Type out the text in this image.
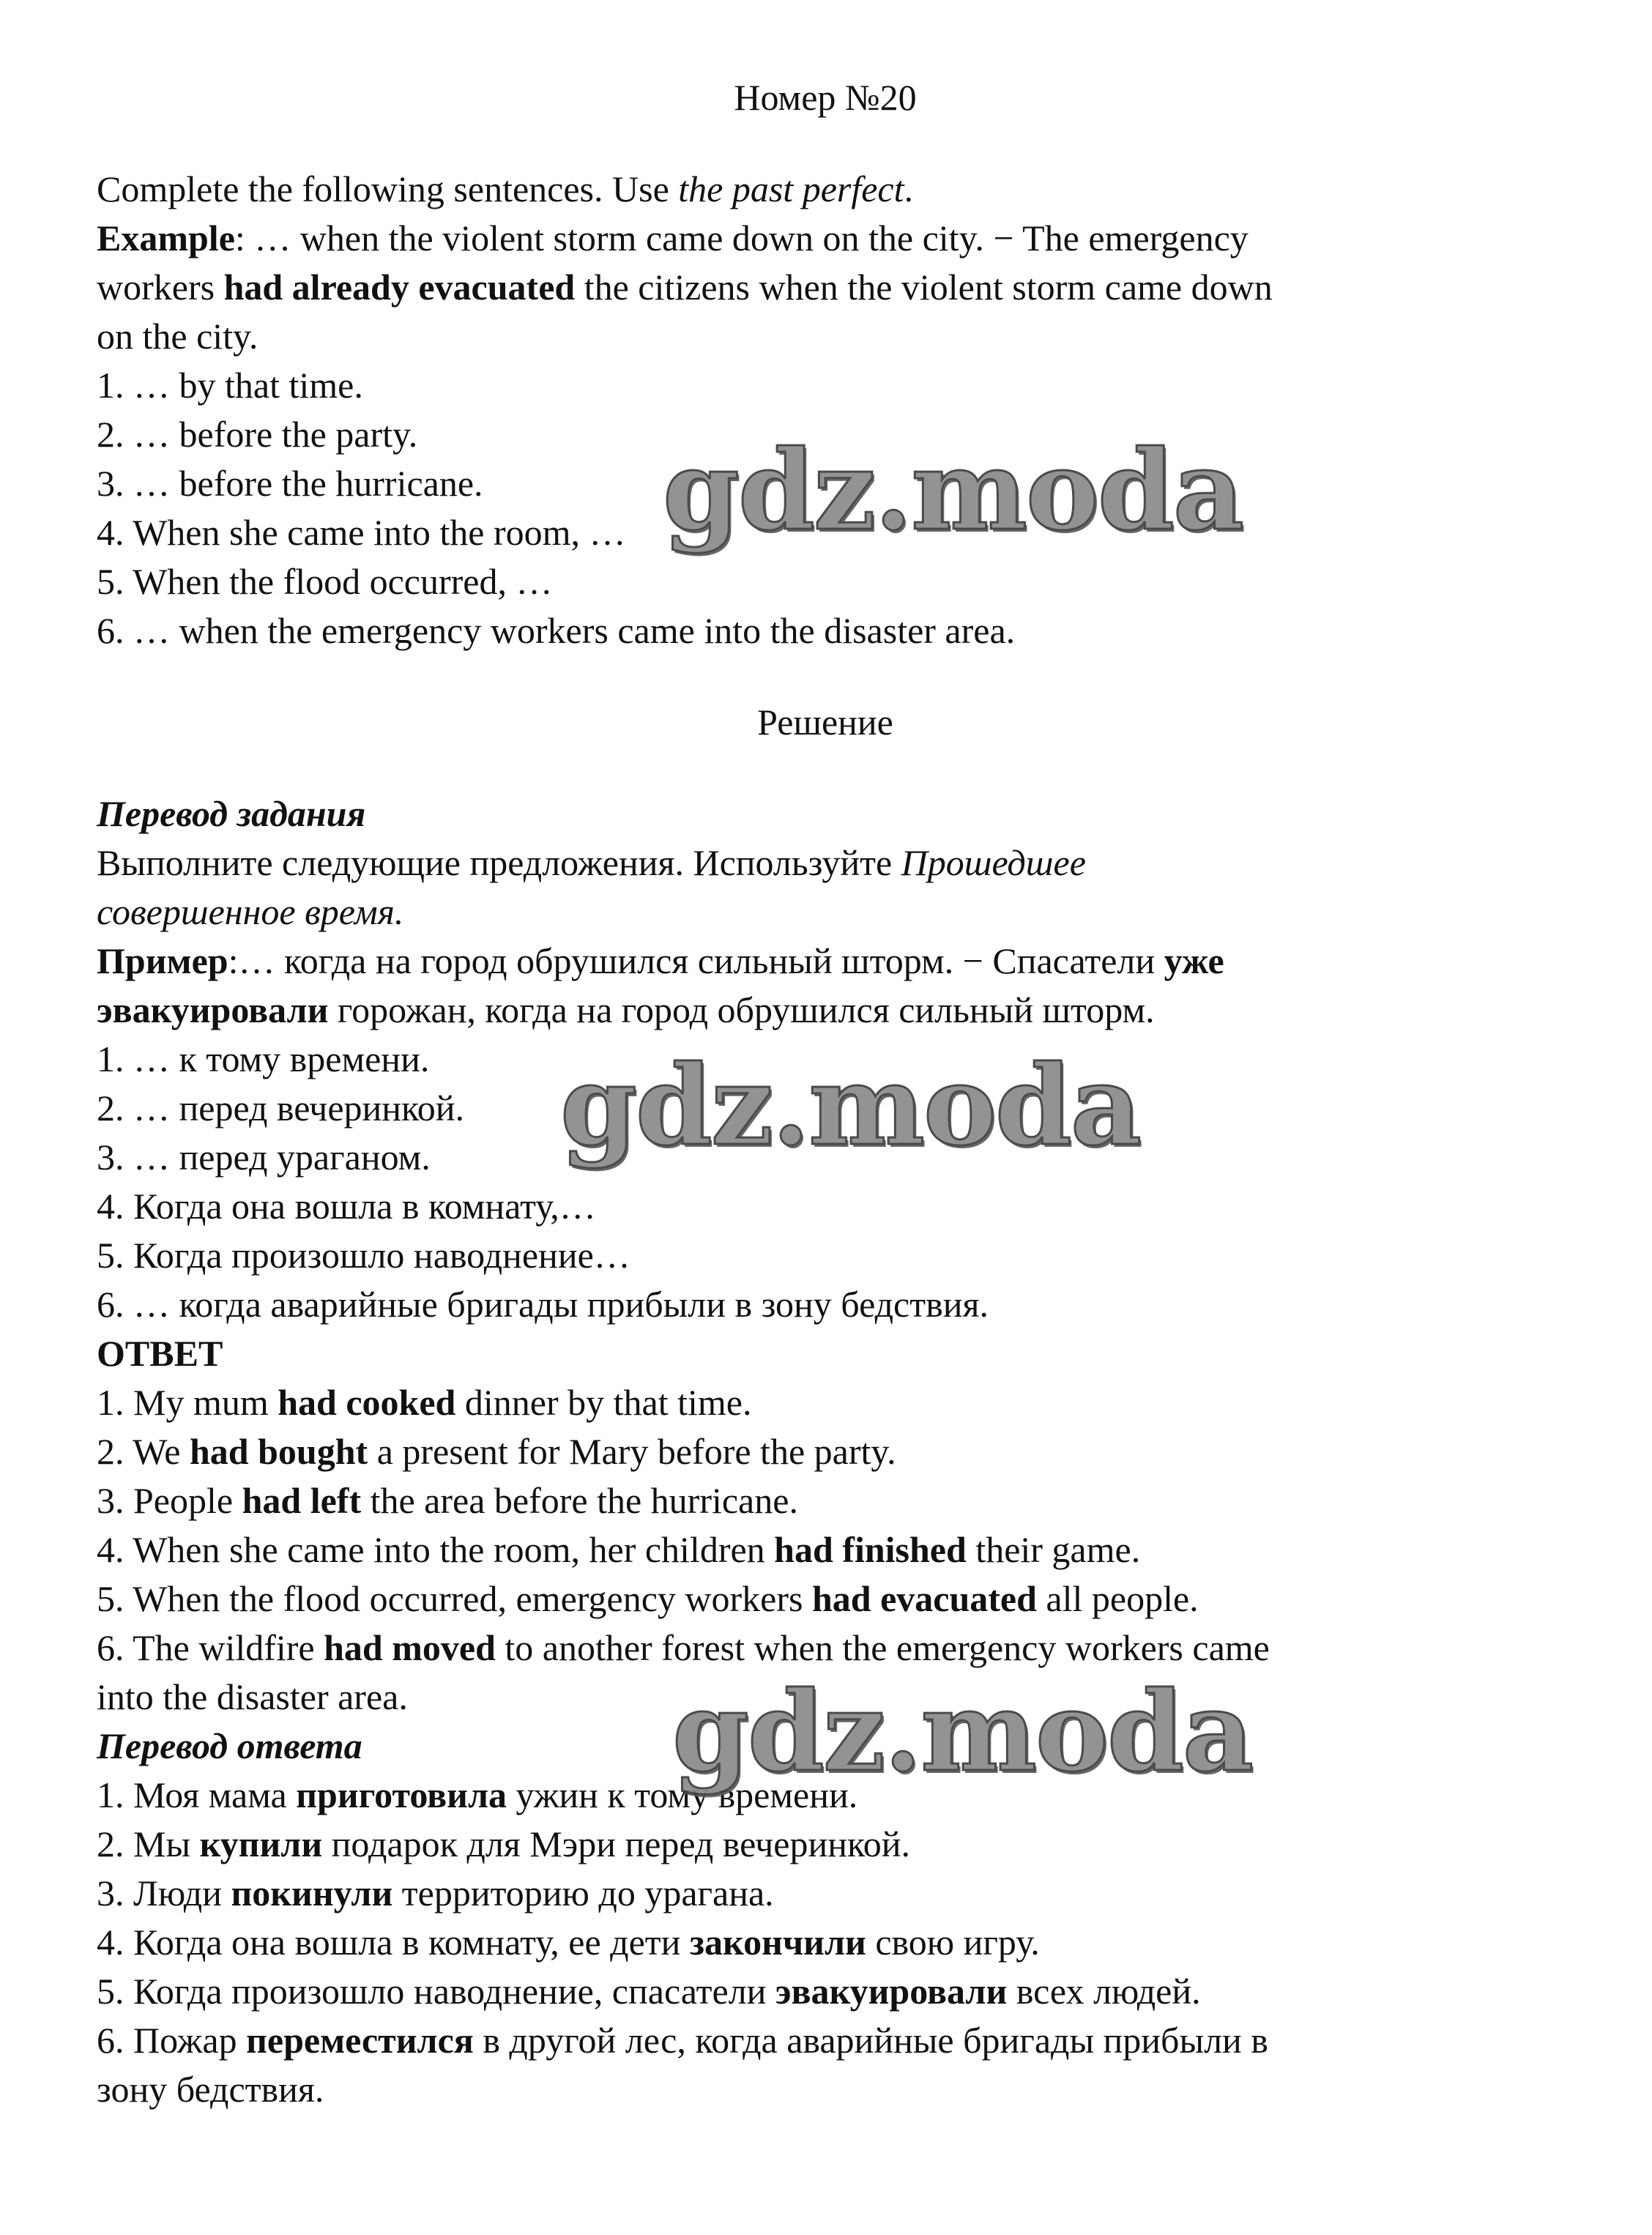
Номер №20
Complete the following sentences. Use the past perfect.
Example: … when the violent storm came down on the city. − The emergency
workers had already evacuated the citizens when the violent storm came down
on the city.
1. … by that time.
2. … before the party.
3. … before the hurricane.
4. When she came into the room, …
5. When the flood occurred, …
6. … when the emergency workers came into the disaster area.
Решение
Перевод задания
Выполните следующие предложения. Используйте Прошедшее
совершенное время.
Пример:… когда на город обрушился сильный шторм. − Спасатели уже
эвакуировали горожан, когда на город обрушился сильный шторм.
1. … к тому времени.
2. … перед вечеринкой.
3. … перед ураганом.
4. Когда она вошла в комнату,…
5. Когда произошло наводнение…
6. … когда аварийные бригады прибыли в зону бедствия.
ОТВЕТ
1. My mum had cooked dinner by that time.
2. We had bought a present for Mary before the party.
3. People had left the area before the hurricane.
4. When she came into the room, her children had finished their game.
5. When the flood occurred, emergency workers had evacuated all people.
6. The wildfire had moved to another forest when the emergency workers came
into the disaster area.
Перевод ответа
1. Моя мама приготовила ужин к тому времени.
2. Мы купили подарок для Мэри перед вечеринкой.
3. Люди покинули территорию до урагана.
4. Когда она вошла в комнату, ее дети закончили свою игру.
5. Когда произошло наводнение, спасатели эвакуировали всех людей.
6. Пожар переместился в другой лес, когда аварийные бригады прибыли в
зону бедствия.
gdz.moda
gdz.moda
gdz.moda
